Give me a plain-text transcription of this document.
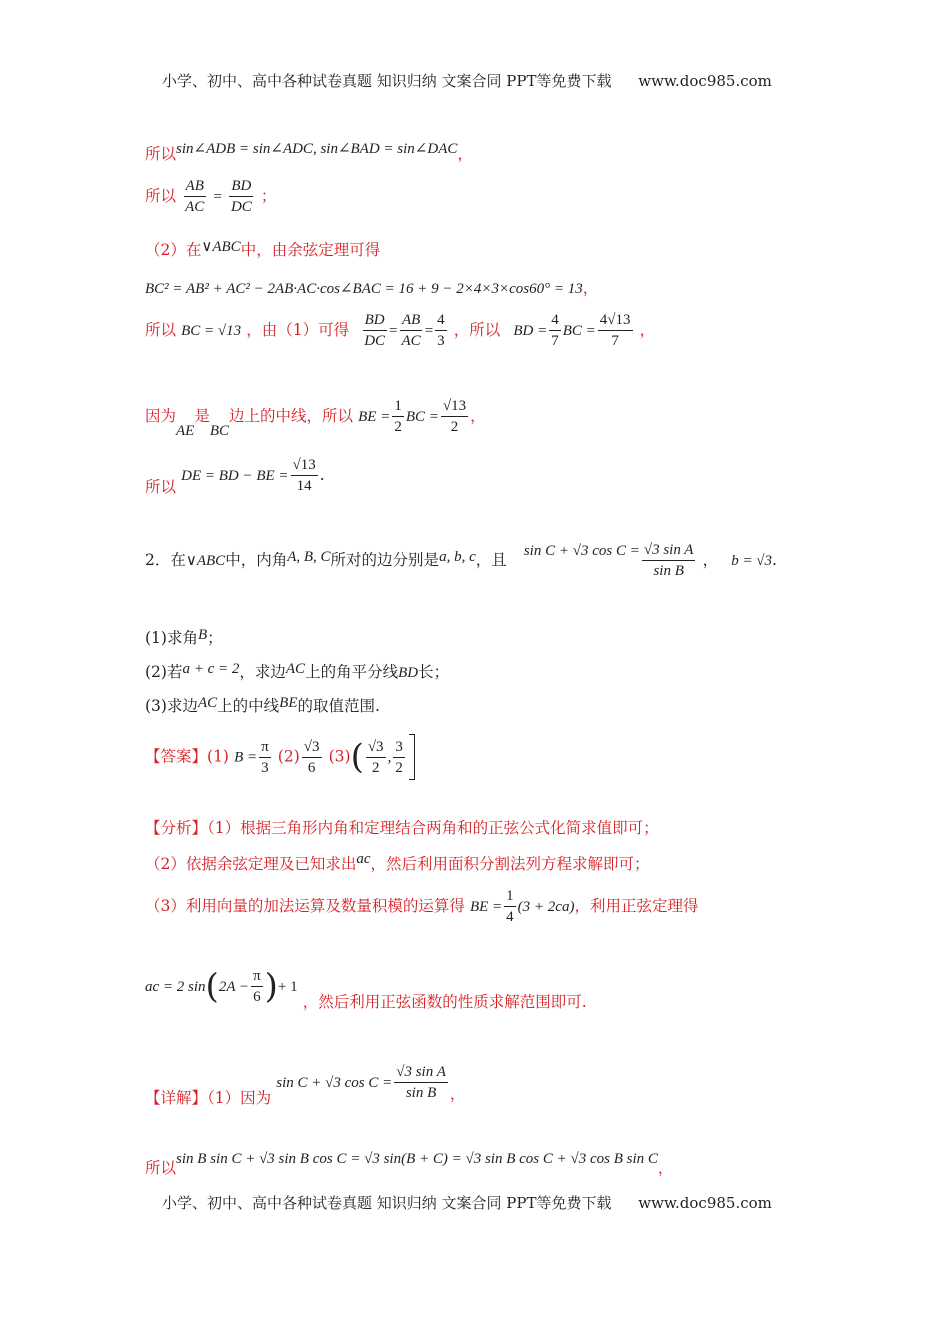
小学、初中、高中各种试卷真题 知识归纳 文案合同 PPT等免费下载 www.doc985.com
所以sin∠ADB = sin∠ADC, sin∠BAD = sin∠DAC，
所以 $\frac{AB}{AC} = \frac{BD}{DC}$ ；
（2）在∨ABC中，由余弦定理可得
BC² = AB² + AC² − 2AB·AC·cos∠BAC = 16 + 9 − 2×4×3×cos60° = 13，
所以 BC = √13 ，由（1）可得 $\frac{BD}{DC} = \frac{AB}{AC} = \frac{4}{3}$ ，所以 BD = $\frac{4}{7}$ BC = $\frac{4√13}{7}$ ，
因为AE是BC边上的中线，所以 BE = $\frac{1}{2}$ BC = $\frac{√13}{2}$ ，
所以 DE = BD − BE = $\frac{√13}{14}$ .
2．在∨ABC中，内角A, B, C所对的边分别是a, b, c，且 sin C + √3 $\cos C = \frac{\text{√3 sin A}}{\text{sin B}}$ ， b = √3.
(1)求角B；
(2)若a + c = 2，求边AC上的角平分线BD长；
(3)求边AC上的中线BE的取值范围.
【答案】(1) $B = \frac{\pi}{3} (2) \frac{√3}{6} (3)( \frac{√3}{2}$ , $\frac{3}{2}$
【分析】（1）根据三角形内角和定理结合两角和的正弦公式化简求值即可；
（2）依据余弦定理及已知求出ac，然后利用面积分割法列方程求解即可；
（3）利用向量的加法运算及数量积模的运算得 BE = $\frac{1}{4} (3 + 2ca)$，利用正弦定理得
ac = 2 $\sin(2A - \frac{\pi}{6}$ )+ 1 ，然后利用正弦函数的性质求解范围即可.
【详解】（1）因为 sin C + √3 $\cos C = \frac{\text{√3 sin A}}{\text{sin B}}$ ，
所以sin B sin C + √3 sin B cos C = √3 sin(B + C) = √3 sin B cos C + √3 cos B sin C，
小学、初中、高中各种试卷真题 知识归纳 文案合同 PPT等免费下载 www.doc985.com
